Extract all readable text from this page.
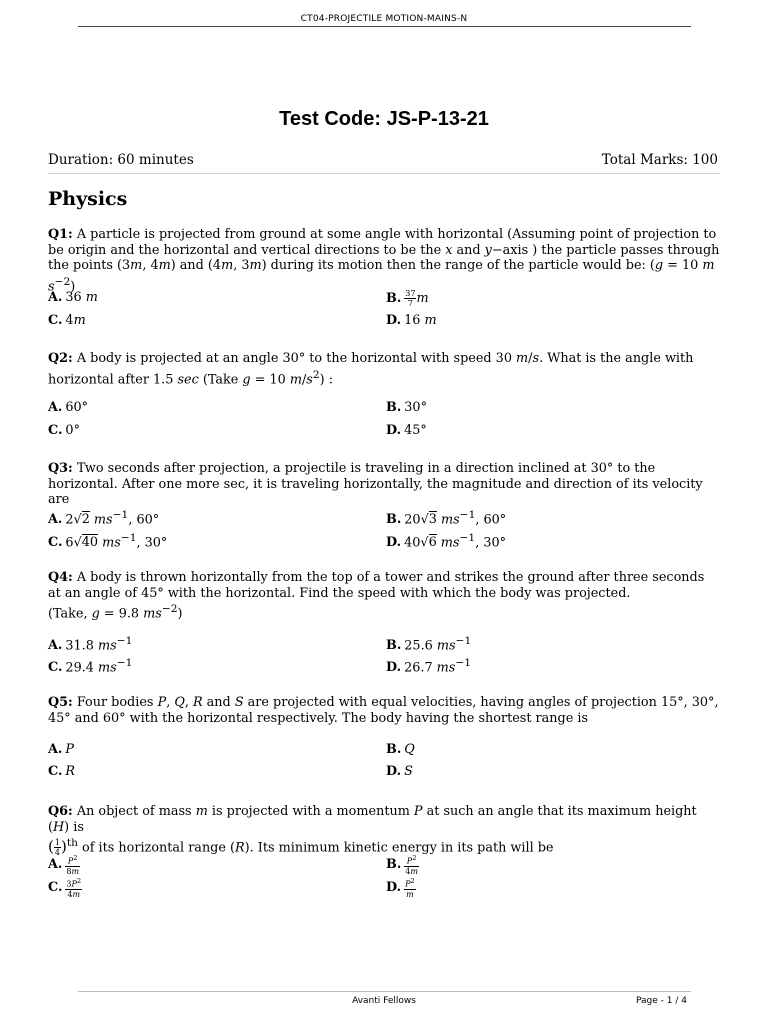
CT04-PROJECTILE MOTION-MAINS-N
Test Code: JS-P-13-21
Duration: 60 minutes	Total Marks: 100
Physics
Q1: A particle is projected from ground at some angle with horizontal (Assuming point of projection to be origin and the horizontal and vertical directions to be the x and y−axis ) the particle passes through the points (3m, 4m) and (4m, 3m) during its motion then the range of the particle would be: (g = 10 m $s^{-2}$)
A. 36 m	B. $\frac{37}{7}$ m
C. 4m	D. 16 m
Q2: A body is projected at an angle 30° to the horizontal with speed 30 m/s. What is the angle with horizontal after 1.5 sec (Take g = 10 $m/s^2$) :
A. 60°	B. 30°
C. 0°	D. 45°
Q3: Two seconds after projection, a projectile is traveling in a direction inclined at 30° to the horizontal. After one more sec, it is traveling horizontally, the magnitude and direction of its velocity are
A. 2√2 $ms^{-1}$, 60°	B. 20√3 $ms^{-1}$, 60°
C. 6√40 $ms^{-1}$, 30°	D. 40√6 $ms^{-1}$, 30°
Q4: A body is thrown horizontally from the top of a tower and strikes the ground after three seconds at an angle of 45° with the horizontal. Find the speed with which the body was projected.
(Take, g = 9.8 $ms^{-2}$)
A. 31.8 $ms^{-1}$	B. 25.6 $ms^{-1}$
C. 29.4 $ms^{-1}$	D. 26.7 $ms^{-1}$
Q5: Four bodies P, Q, R and S are projected with equal velocities, having angles of projection 15°, 30°, 45° and 60° with the horizontal respectively. The body having the shortest range is
A. P	B. Q
C. R	D. S
Q6: An object of mass m is projected with a momentum P at such an angle that its maximum height (H) is
( $\frac{1}{4} )^{th}$ of its horizontal range (R). Its minimum kinetic energy in its path will be
A. $\frac{P^2}{8m}$	B. $\frac{P^2}{4m}$
C. $\frac{3P^2}{4m}$	D. $\frac{P^2}{m}$
Avanti Fellows	Page - 1 / 4
